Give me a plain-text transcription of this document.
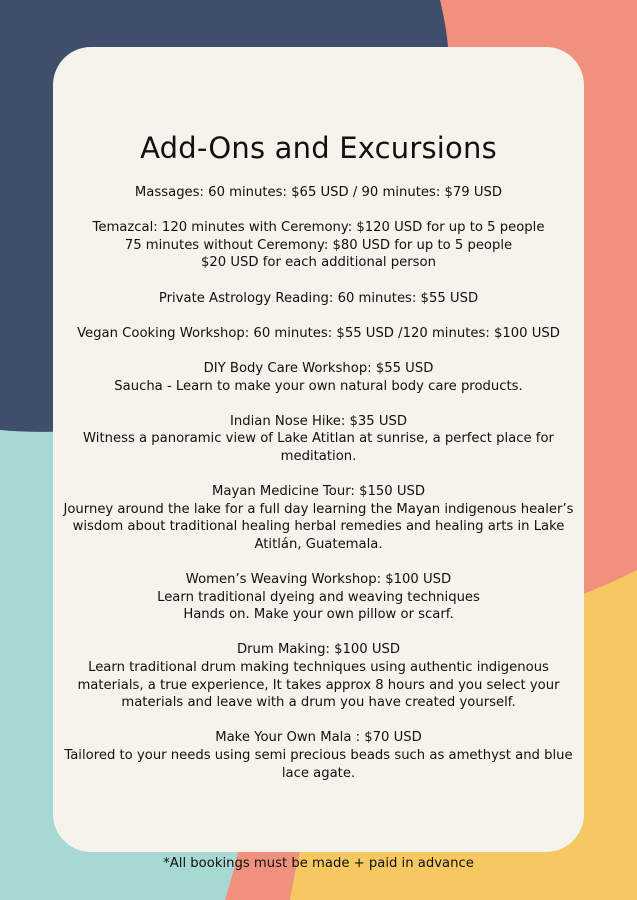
Add-Ons and Excursions

Massages: 60 minutes: $65 USD / 90 minutes: $79 USD

Temazcal: 120 minutes with Ceremony: $120 USD for up to 5 people

75 minutes without Ceremony: $80 USD for up to 5 people

$20 USD for each additional person

Private Astrology Reading: 60 minutes: $55 USD

Vegan Cooking Workshop: 60 minutes: $55 USD /120 minutes: $100 USD

DIY Body Care Workshop: $55 USD

Saucha - Learn to make your own natural body care products.

Indian Nose Hike: $35 USD

Witness a panoramic view of Lake Atitlan at sunrise, a perfect place for meditation.

Mayan Medicine Tour: $150 USD

Journey around the lake for a full day learning the Mayan indigenous healer’s wisdom about traditional healing herbal remedies and healing arts in Lake Atitlán, Guatemala.

Women’s Weaving Workshop: $100 USD

Learn traditional dyeing and weaving techniques

Hands on. Make your own pillow or scarf.

Drum Making: $100 USD

Learn traditional drum making techniques using authentic indigenous materials, a true experience, It takes approx 8 hours and you select your materials and leave with a drum you have created yourself.

Make Your Own Mala : $70 USD

Tailored to your needs using semi precious beads such as amethyst and blue lace agate.

*All bookings must be made + paid in advance
